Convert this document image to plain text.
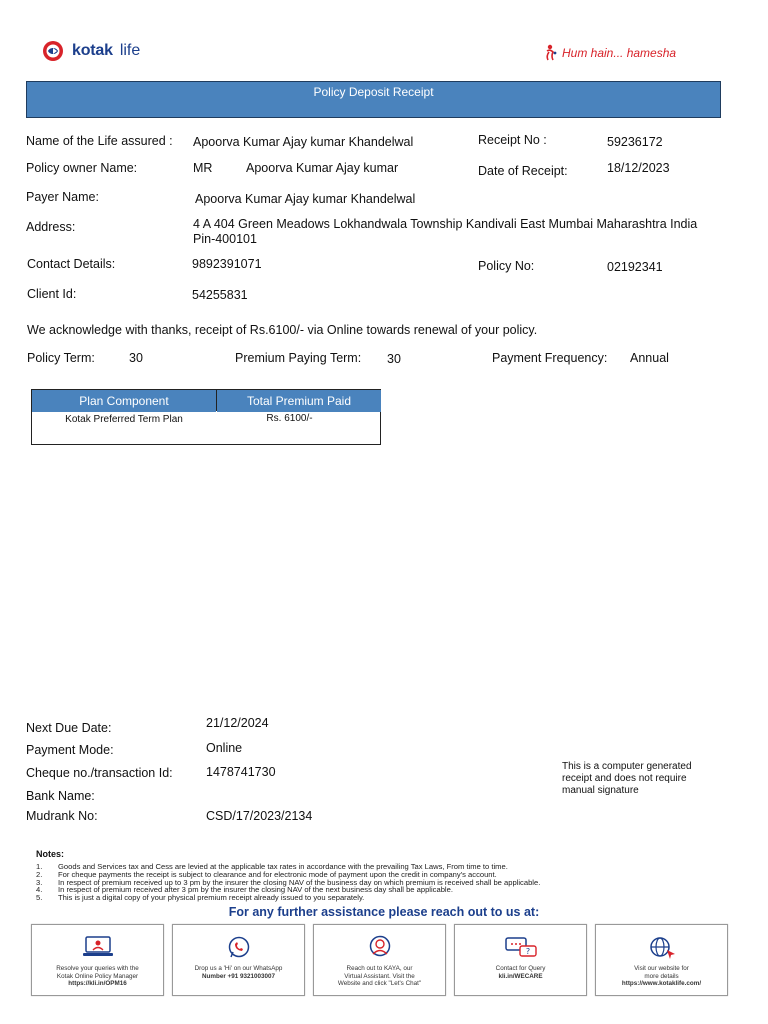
kotak life	Hum hain... hamesha
Policy Deposit Receipt
Name of the Life assured : Apoorva Kumar Ajay kumar Khandelwal	Receipt No :	59236172
Policy owner Name:	MR	Apoorva Kumar Ajay kumar	Date of Receipt:	18/12/2023
Payer Name:	Apoorva Kumar Ajay kumar Khandelwal
Address:	4 A 404 Green Meadows Lokhandwala Township Kandivali East Mumbai Maharashtra India
Pin-400101
Contact Details:	9892391071	Policy No:	02192341
Client Id:	54255831
We acknowledge with thanks, receipt of Rs.6100/- via Online towards renewal of your policy.
Policy Term:	30	Premium Paying Term: 30	Payment Frequency: Annual
Plan Component	Total Premium Paid
Kotak Preferred Term Plan	Rs. 6100/-
Next Due Date:	21/12/2024
Payment Mode:	Online
Cheque no./transaction Id:	1478741730
Bank Name:
Mudrank No:	CSD/17/2023/2134
This is a computer generated receipt and does not require manual signature
Notes:
1. Goods and Services tax and Cess are levied at the applicable tax rates in accordance with the prevailing Tax Laws, From time to time.
2. For cheque payments the receipt is subject to clearance and for electronic mode of payment upon the credit in company's account.
3. In respect of premium received up to 3 pm by the insurer the closing NAV of the business day on which premium is received shall be applicable.
4. In respect of premium received after 3 pm by the insurer the closing NAV of the next business day shall be applicable.
5. This is just a digital copy of your physical premium receipt already issued to you separately.
For any further assistance please reach out to us at:
Resolve your queries with the
Kotak Online Policy Manager
https://kli.in/OPM16
Drop us a 'Hi' on our WhatsApp
Number +91 9321003007
Reach out to KAYA, our
Virtual Assistant. Visit the
Website and click "Let's Chat"
?
Contact for Query
kli.in/WECARE
Visit our website for
more details
https://www.kotaklife.com/
